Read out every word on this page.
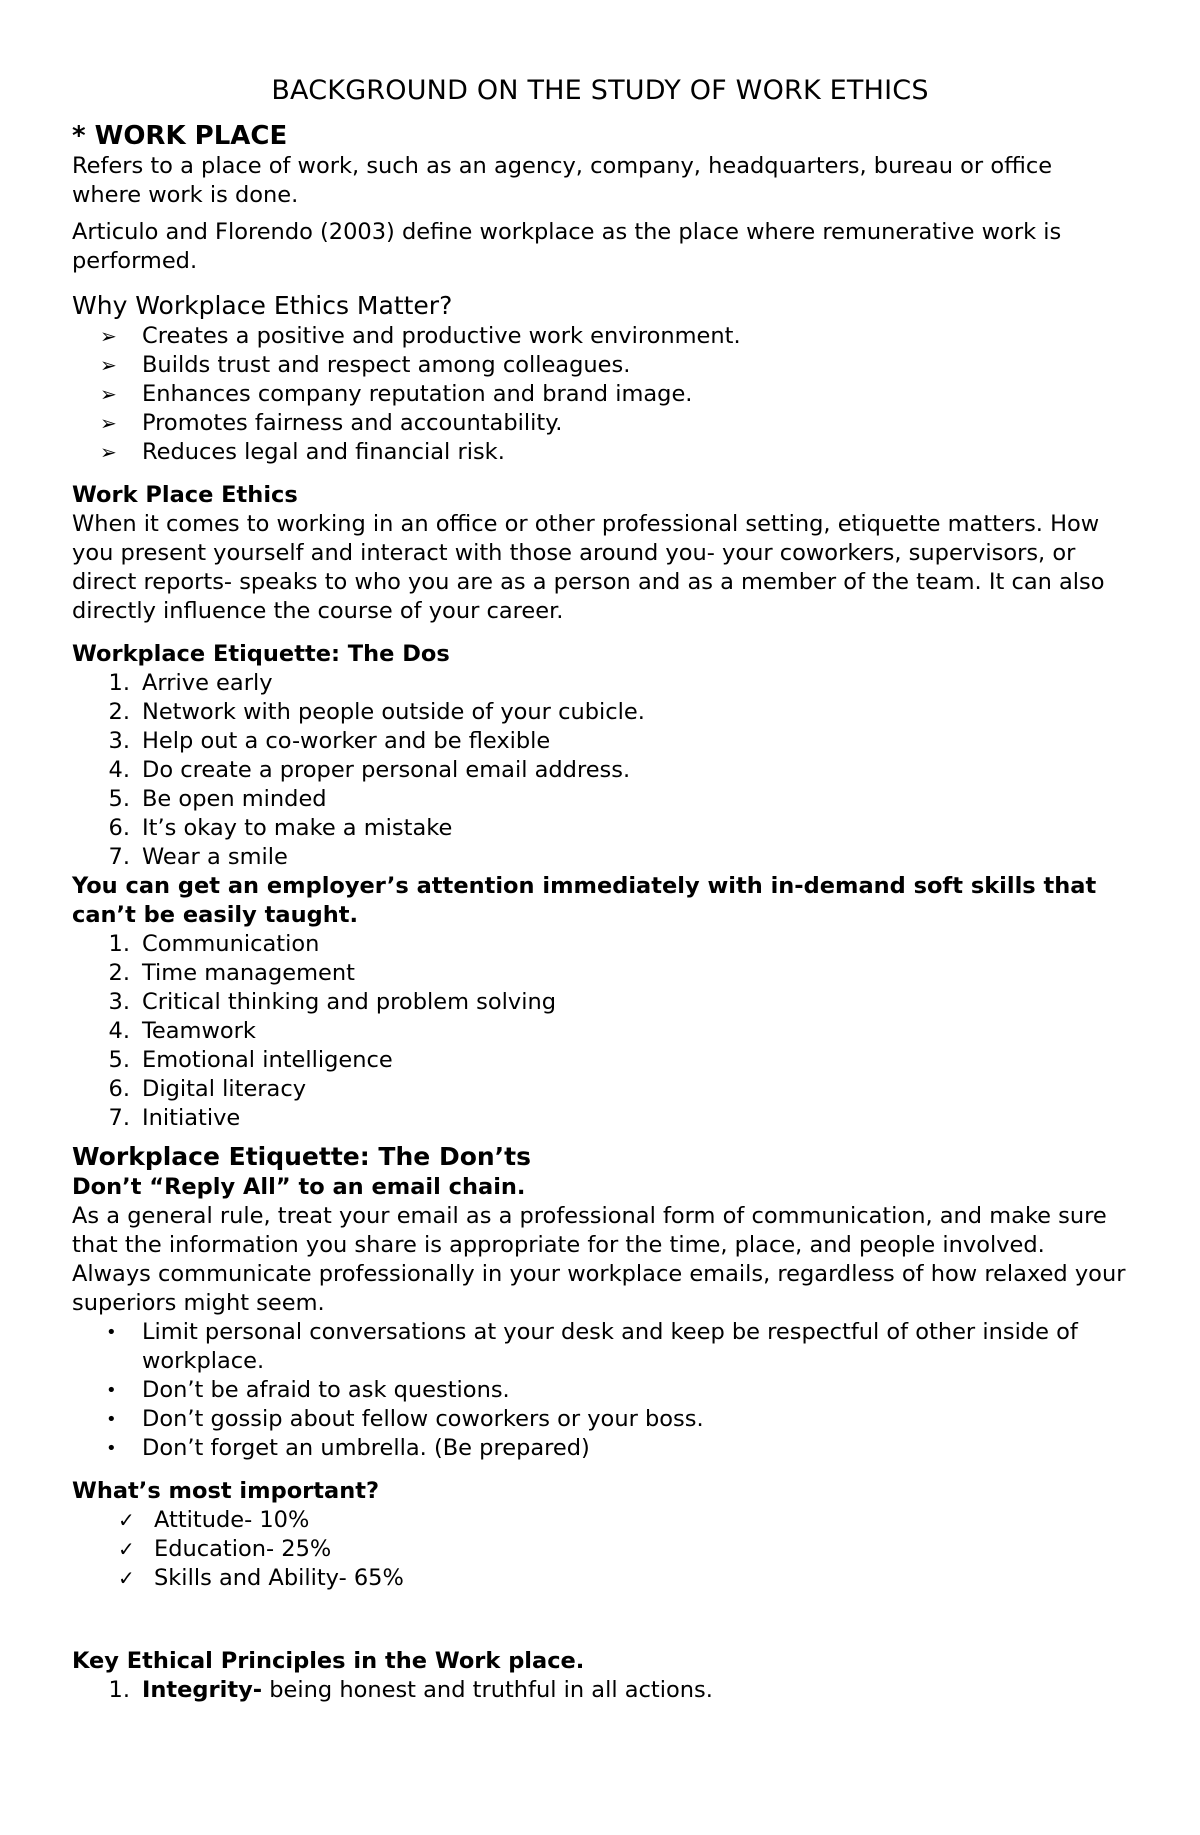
BACKGROUND ON THE STUDY OF WORK ETHICS
* WORK PLACE

Refers to a place of work, such as an agency, company, headquarters, bureau or office where work is done.

Articulo and Florendo (2003) define workplace as the place where remunerative work is performed.

Why Workplace Ethics Matter?
➢ Creates a positive and productive work environment.
➢ Builds trust and respect among colleagues.
➢ Enhances company reputation and brand image.
➢ Promotes fairness and accountability.
➢ Reduces legal and financial risk.
Work Place Ethics

When it comes to working in an office or other professional setting, etiquette matters. How you present yourself and interact with those around you- your coworkers, supervisors, or direct reports- speaks to who you are as a person and as a member of the team. It can also directly influence the course of your career.

Workplace Etiquette: The Dos
1. Arrive early
2. Network with people outside of your cubicle.
3. Help out a co-worker and be flexible
4. Do create a proper personal email address.
5. Be open minded
6. It’s okay to make a mistake
7. Wear a smile
You can get an employer’s attention immediately with in-demand soft skills that can’t be easily taught.
1. Communication
2. Time management
3. Critical thinking and problem solving
4. Teamwork
5. Emotional intelligence
6. Digital literacy
7. Initiative
Workplace Etiquette: The Don’ts
Don’t “Reply All” to an email chain.

As a general rule, treat your email as a professional form of communication, and make sure that the information you share is appropriate for the time, place, and people involved. Always communicate professionally in your workplace emails, regardless of how relaxed your superiors might seem.

•	Limit personal conversations at your desk and keep be respectful of other inside of workplace.
•	Don’t be afraid to ask questions.
•	Don’t gossip about fellow coworkers or your boss.
•	Don’t forget an umbrella. (Be prepared)
What’s most important?
✓ Attitude- 10%
✓ Education- 25%
✓ Skills and Ability- 65%
Key Ethical Principles in the Work place.
1. Integrity- being honest and truthful in all actions.
